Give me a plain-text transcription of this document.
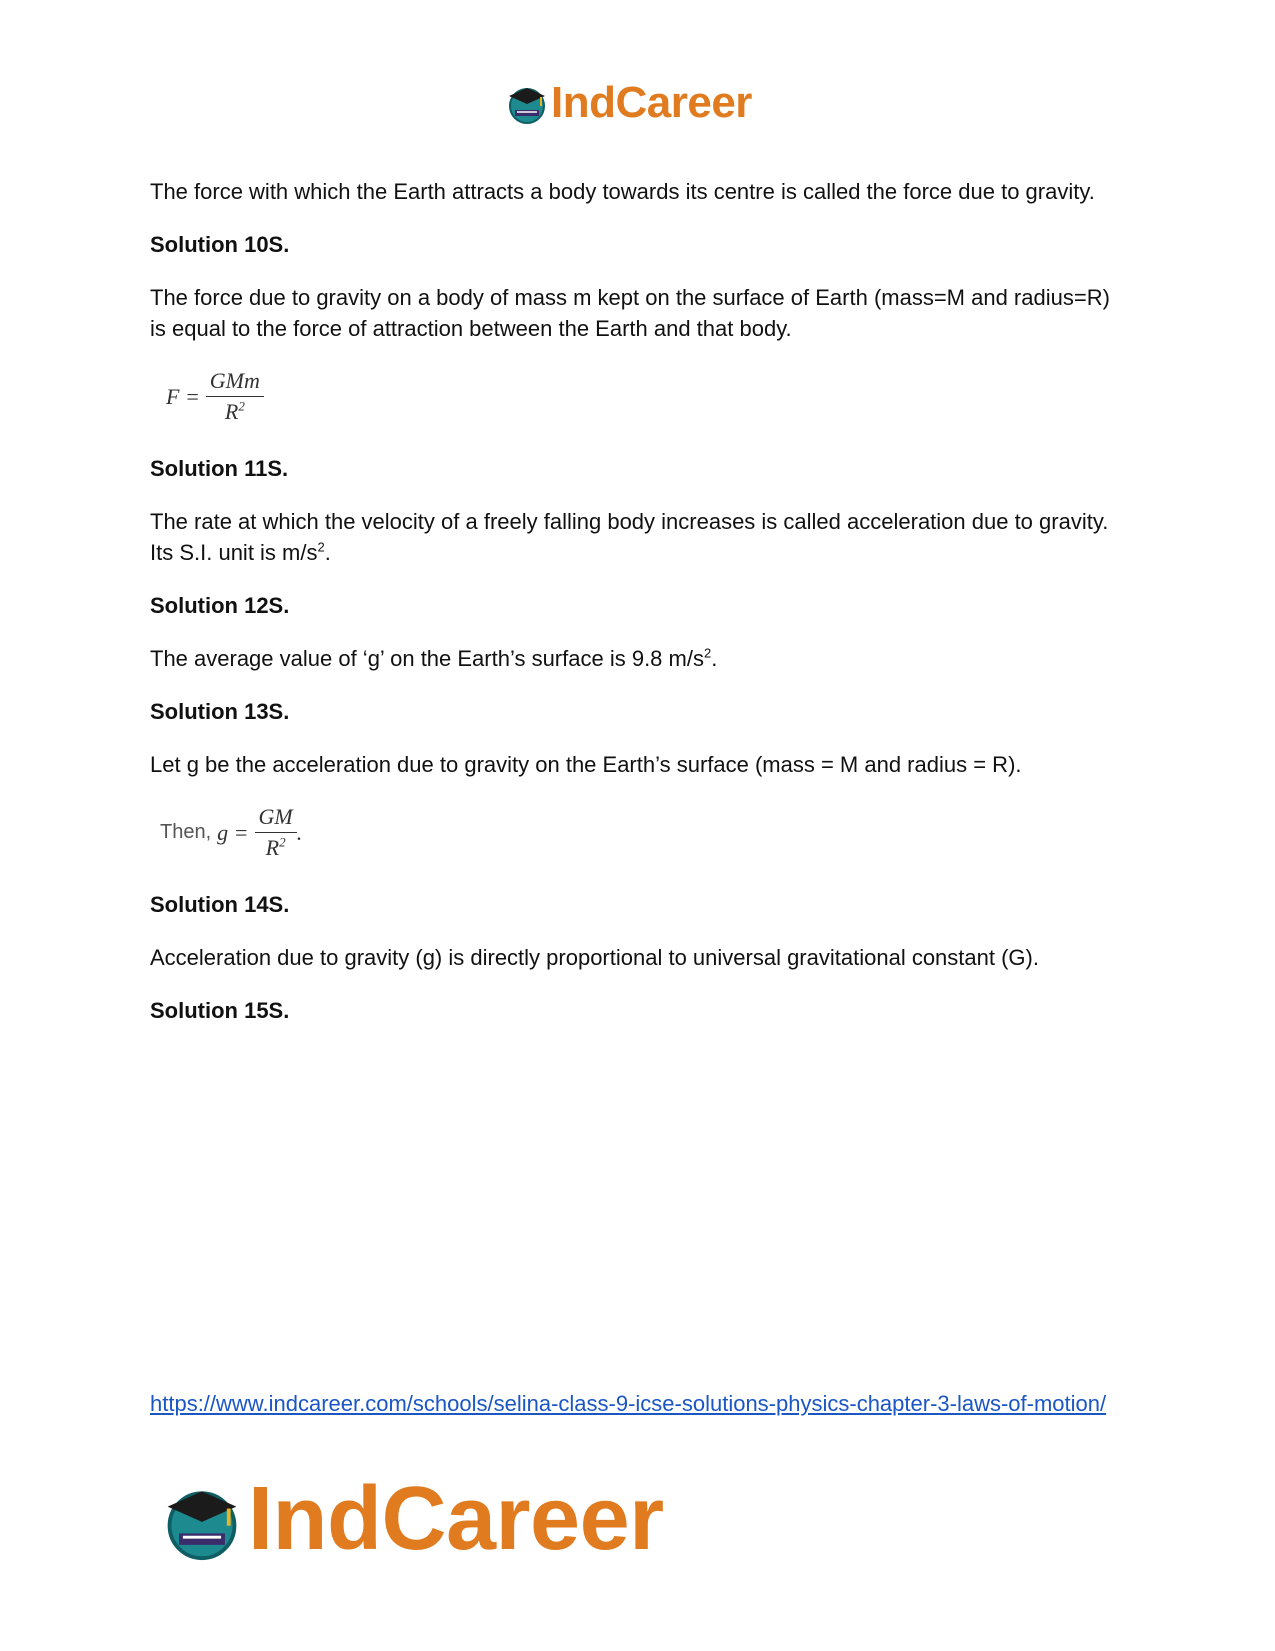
IndCareer

The force with which the Earth attracts a body towards its centre is called the force due to gravity.

Solution 10S.

The force due to gravity on a body of mass m kept on the surface of Earth (mass=M and radius=R) is equal to the force of attraction between the Earth and that body.

$F = \frac{\text{GMm}}{R^2}$

Solution 11S.

The rate at which the velocity of a freely falling body increases is called acceleration due to gravity. Its S.I. unit is $m/s^2$.

Solution 12S.

The average value of ‘g’ on the Earth’s surface is 9.8 $m/s^2$.

Solution 13S.

Let g be the acceleration due to gravity on the Earth’s surface (mass = M and radius = R).

Then, $g = \frac{GM}{R^2}$ .

Solution 14S.

Acceleration due to gravity (g) is directly proportional to universal gravitational constant (G).

Solution 15S.

https://www.indcareer.com/schools/selina-class-9-icse-solutions-physics-chapter-3-laws-of-motion/
IndCareer
